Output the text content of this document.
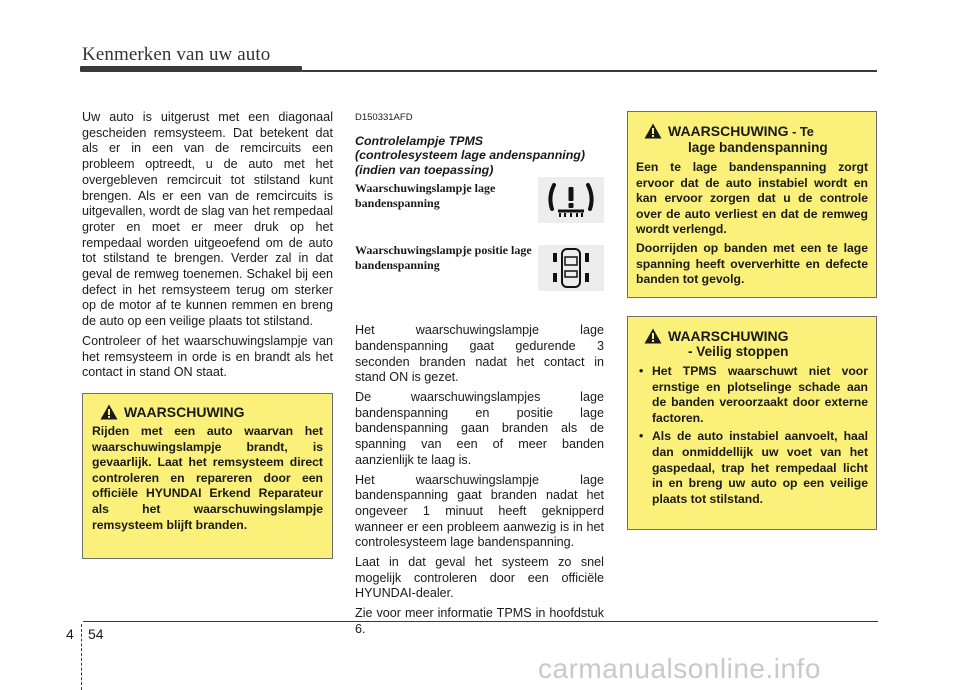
Kenmerken van uw auto

Uw auto is uitgerust met een diagonaal gescheiden remsysteem. Dat betekent dat als er in een van de remcircuits een probleem optreedt, u de auto met het overgebleven remcircuit tot stilstand kunt brengen. Als er een van de remcircuits is uitgevallen, wordt de slag van het rempedaal groter en moet er meer druk op het rempedaal worden uitgeoefend om de auto tot stilstand te brengen. Verder zal in dat geval de remweg toenemen. Schakel bij een defect in het remsysteem terug om sterker op de motor af te kunnen remmen en breng de auto op een veilige plaats tot stilstand.

Controleer of het waarschuwingslampje van het remsysteem in orde is en brandt als het contact in stand ON staat.

WAARSCHUWING

Rijden met een auto waarvan het waarschuwingslampje brandt, is gevaarlijk. Laat het remsysteem direct controleren en repareren door een officiële HYUNDAI Erkend Reparateur als het waarschuwingslampje remsysteem blijft branden.

D150331AFD
Controlelampje TPMS
(controlesysteem lage andenspanning)
(indien van toepassing)
Waarschuwingslampje lage bandenspanning
Waarschuwingslampje positie lage bandenspanning

Het waarschuwingslampje lage bandenspanning gaat gedurende 3 seconden branden nadat het contact in stand ON is gezet.

De waarschuwingslampjes lage bandenspanning en positie lage bandenspanning gaan branden als de spanning van een of meer banden aanzienlijk te laag is.

Het waarschuwingslampje lage bandenspanning gaat branden nadat het ongeveer 1 minuut heeft geknipperd wanneer er een probleem aanwezig is in het controlesysteem lage bandenspanning.

Laat in dat geval het systeem zo snel mogelijk controleren door een officiële HYUNDAI-dealer.

Zie voor meer informatie TPMS in hoofdstuk 6.

WAARSCHUWING - Te
lage bandenspanning

Een te lage bandenspanning zorgt ervoor dat de auto instabiel wordt en kan ervoor zorgen dat u de controle over de auto verliest en dat de remweg wordt verlengd.

Doorrijden op banden met een te lage spanning heeft oververhitte en defecte banden tot gevolg.

WAARSCHUWING
- Veilig stoppen
• Het TPMS waarschuwt niet voor ernstige en plotselinge schade aan de banden veroorzaakt door externe factoren.
• Als de auto instabiel aanvoelt, haal dan onmiddellijk uw voet van het gaspedaal, trap het rempedaal licht in en breng uw auto op een veilige plaats tot stilstand.
4 54
carmanualsonline.info
